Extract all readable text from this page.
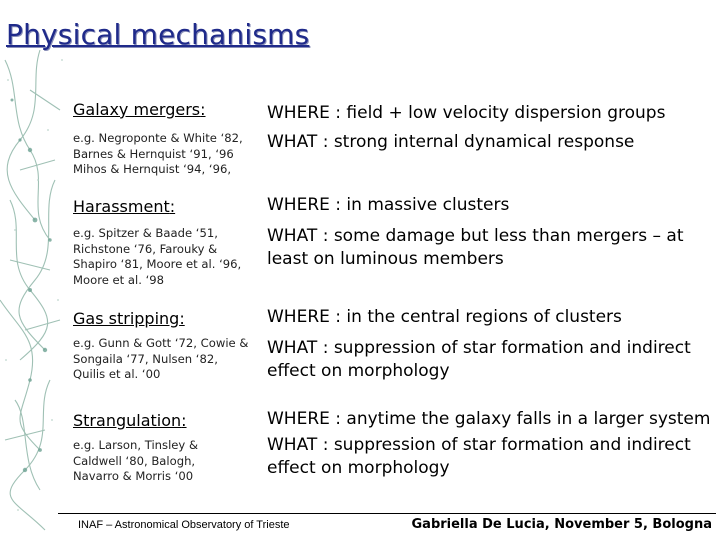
Physical mechanisms
Galaxy mergers:
e.g. Negroponte & White ‘82, Barnes & Hernquist ‘91, ‘96 Mihos & Hernquist ‘94, ‘96,

WHERE : field + low velocity dispersion groups

WHAT : strong internal dynamical response

Harassment:
e.g. Spitzer & Baade ‘51, Richstone ‘76, Farouky & Shapiro ‘81, Moore et al. ‘96, Moore et al. ‘98

WHERE : in massive clusters

WHAT : some damage but less than mergers – at least on luminous members

Gas stripping:
e.g. Gunn & Gott ‘72, Cowie & Songaila ‘77, Nulsen ‘82, Quilis et al. ‘00

WHERE : in the central regions of clusters

WHAT : suppression of star formation and indirect effect on morphology

Strangulation:
e.g. Larson, Tinsley & Caldwell ‘80, Balogh, Navarro & Morris ‘00

WHERE : anytime the galaxy falls in a larger system

WHAT : suppression of star formation and indirect effect on morphology

INAF – Astronomical Observatory of Trieste	Gabriella De Lucia, November 5, Bologna
